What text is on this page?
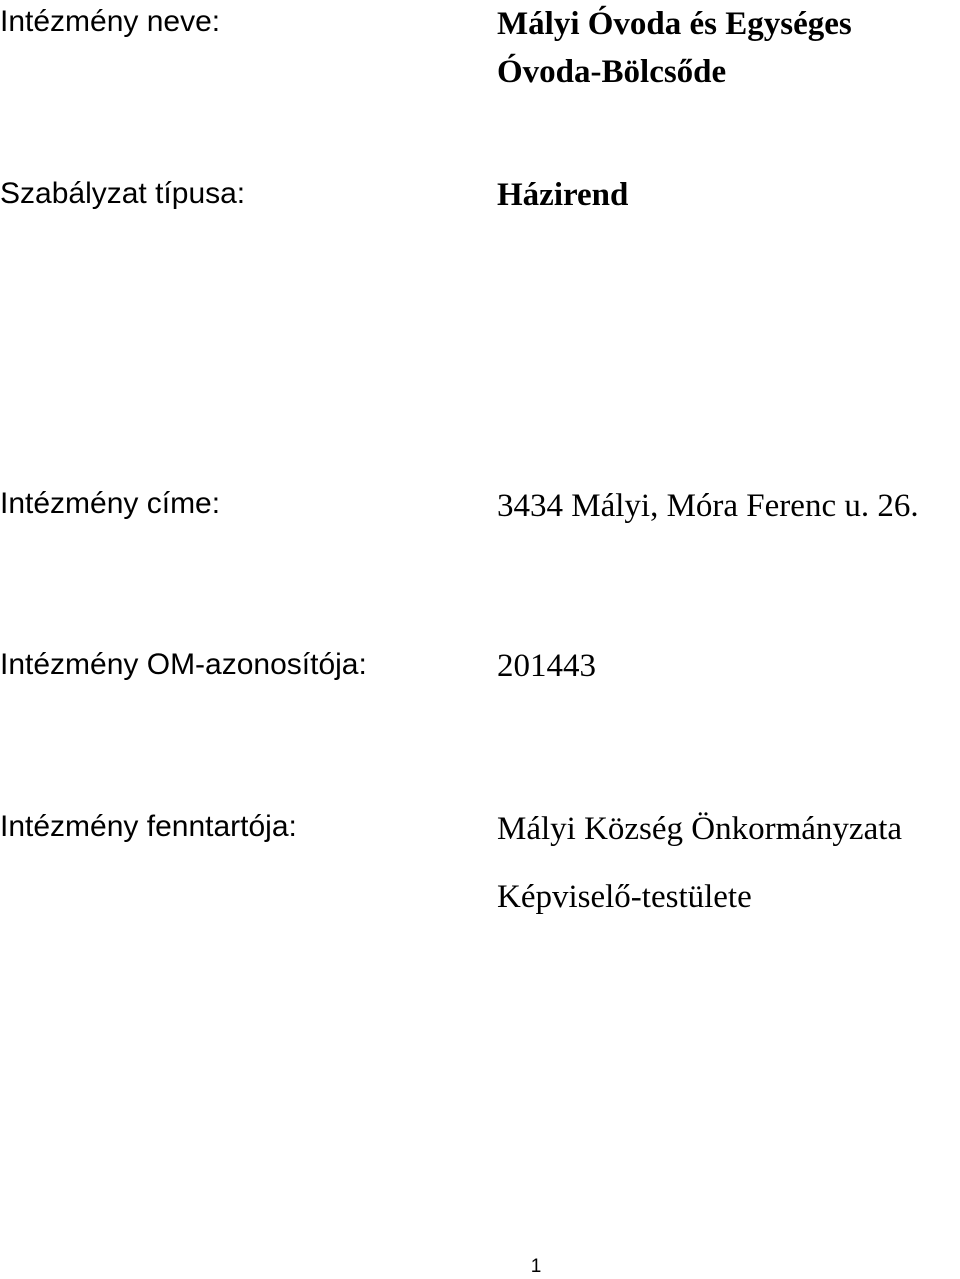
Intézmény neve:	Mályi Óvoda és Egységes
Óvoda-Bölcsőde
Szabályzat típusa:	Házirend
Intézmény címe:	3434 Mályi, Móra Ferenc u. 26.
Intézmény OM-azonosítója:	201443
Intézmény fenntartója:	Mályi Község Önkormányzata
Képviselő-testülete
1
